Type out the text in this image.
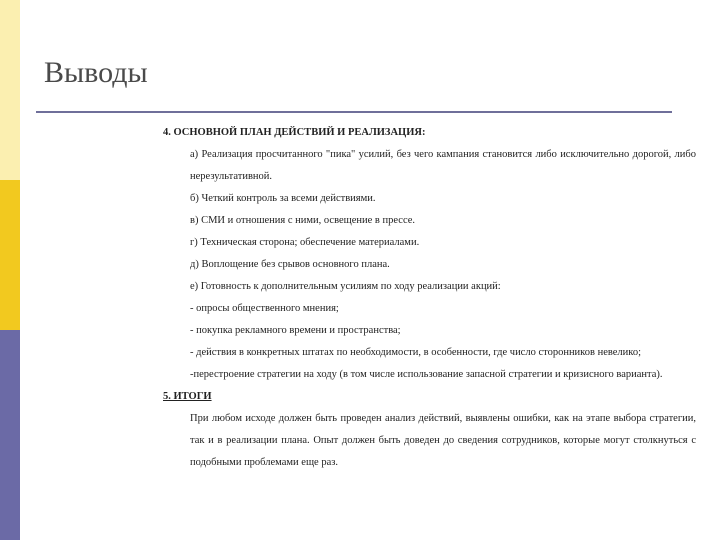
Выводы

4. ОСНОВНОЙ ПЛАН ДЕЙСТВИЙ И РЕАЛИЗАЦИЯ:

а) Реализация просчитанного "пика" усилий, без чего кампания становится либо исключительно дорогой, либо нерезультативной.

б) Четкий контроль за всеми действиями.

в) СМИ и отношения с ними, освещение в прессе.

г) Техническая сторона; обеспечение материалами.

д) Воплощение без срывов основного плана.

е) Готовность к дополнительным усилиям по ходу реализации акций:

- опросы общественного мнения;

- покупка рекламного времени и пространства;

- действия в конкретных штатах по необходимости, в особенности, где число сторонников невелико;

-перестроение стратегии на ходу (в том числе использование запасной стратегии и кризисного варианта).

5. ИТОГИ

При любом исходе должен быть проведен анализ действий, выявлены ошибки, как на этапе выбора стратегии, так и в реализации плана. Опыт должен быть доведен до сведения сотрудников, которые могут столкнуться с подобными проблемами еще раз.
